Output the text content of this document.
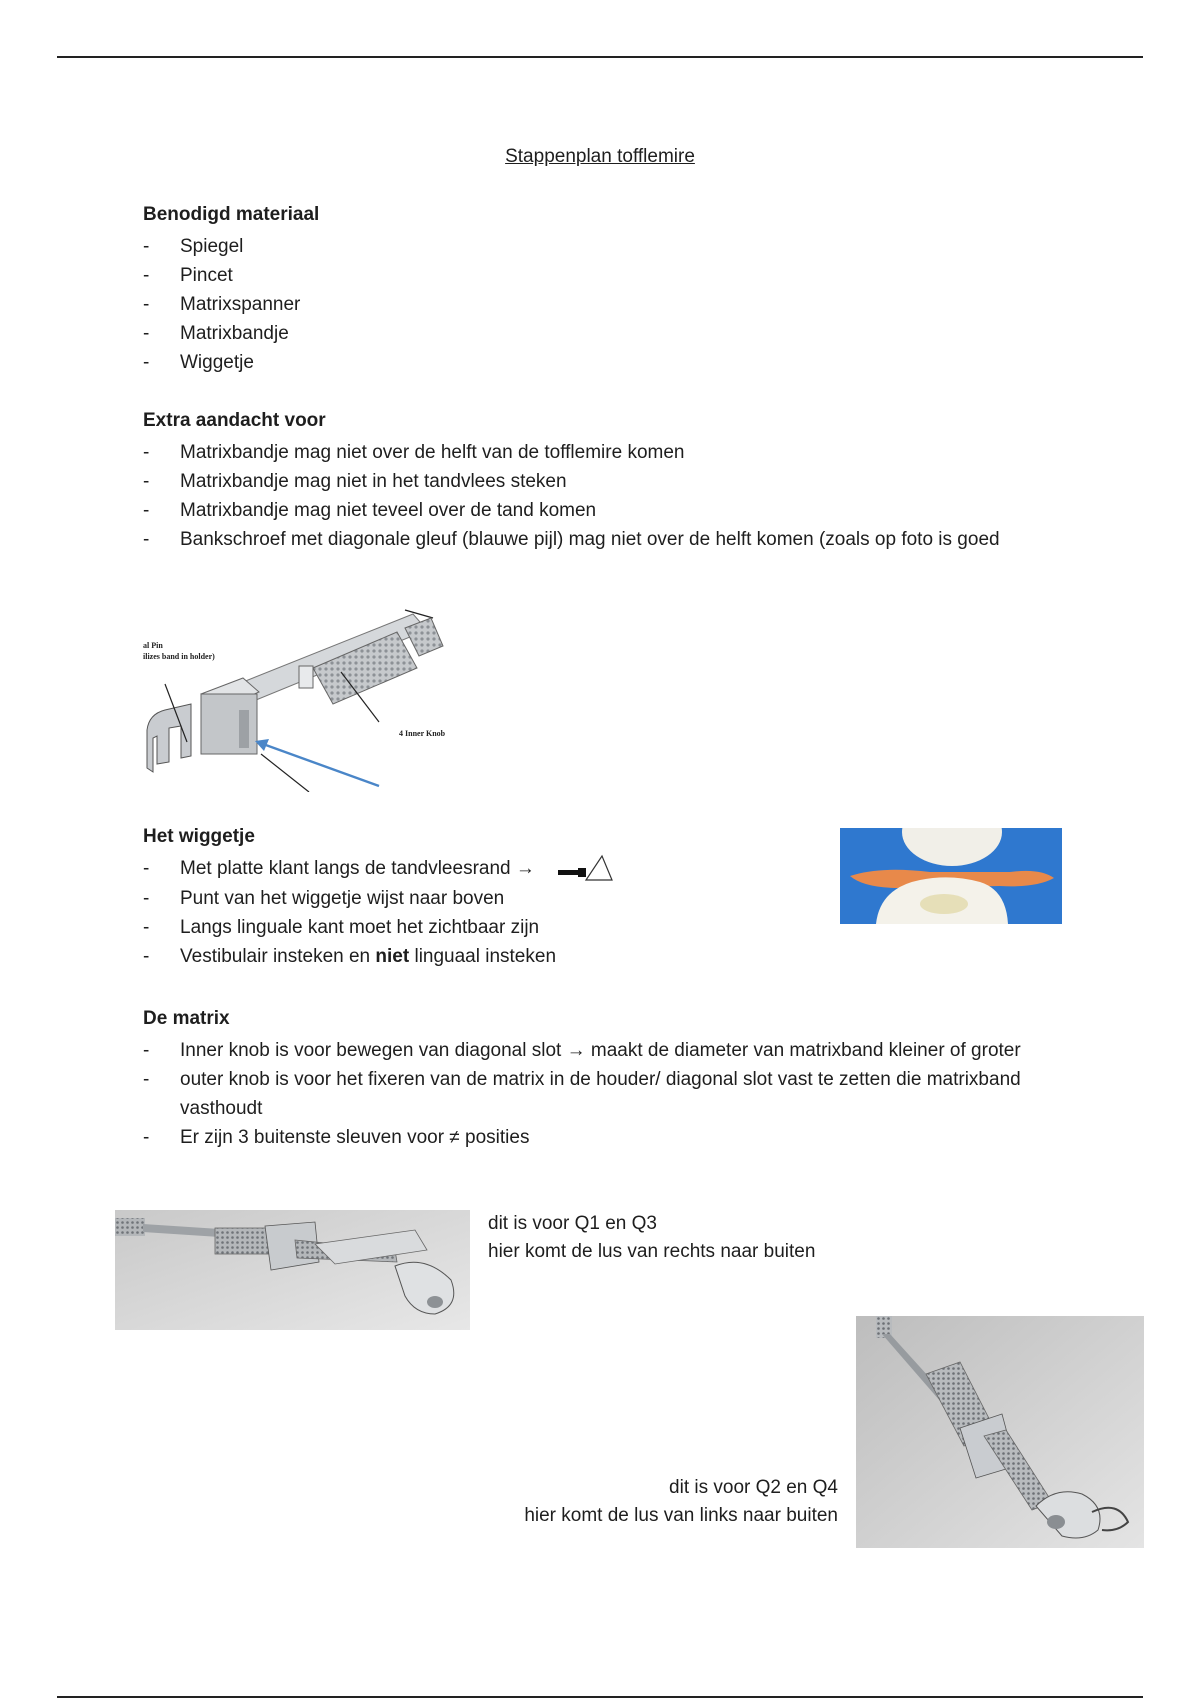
Stappenplan tofflemire
Benodigd materiaal
- Spiegel
- Pincet
- Matrixspanner
- Matrixbandje
- Wiggetje
Extra aandacht voor
- Matrixbandje mag niet over de helft van de tofflemire komen
- Matrixbandje mag niet in het tandvlees steken
- Matrixbandje mag niet teveel over de tand komen
- Bankschroef met diagonale gleuf (blauwe pijl) mag niet over de helft komen (zoals op foto is goed
al Pin
ilizes band in holder)
4 Inner Knob
Het wiggetje
- Met platte klant langs de tandvleesrand →
- Punt van het wiggetje wijst naar boven
- Langs linguale kant moet het zichtbaar zijn
- Vestibulair insteken en niet linguaal insteken
De matrix
- Inner knob is voor bewegen van diagonal slot → maakt de diameter van matrixband kleiner of groter
- outer knob is voor het fixeren van de matrix in de houder/ diagonal slot vast te zetten die matrixband vasthoudt
- Er zijn 3 buitenste sleuven voor ≠ posities
dit is voor Q1 en Q3
hier komt de lus van rechts naar buiten
dit is voor Q2 en Q4
hier komt de lus van links naar buiten
